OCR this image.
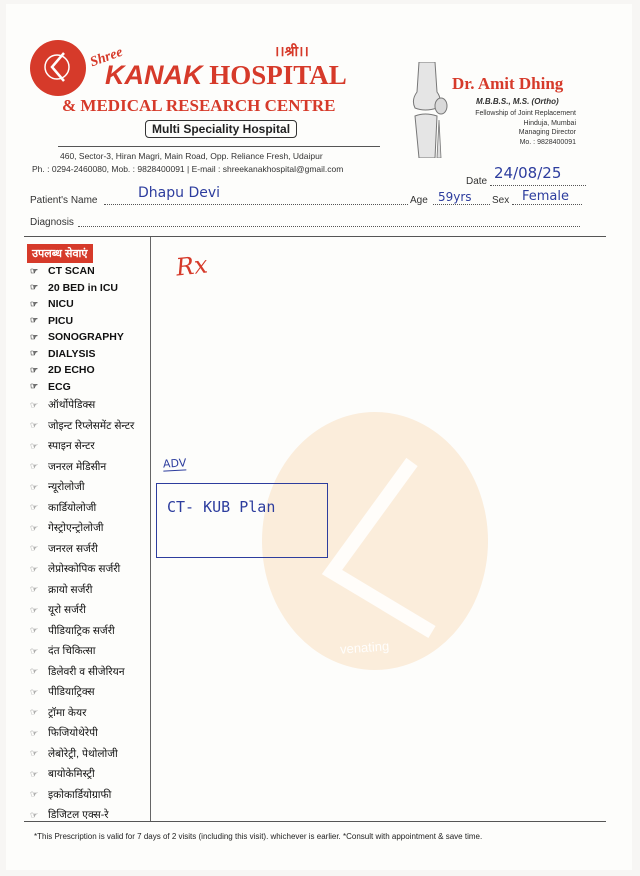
Shree	।।श्री।।
KANAK HOSPITAL
& MEDICAL RESEARCH CENTRE
Multi Speciality Hospital
460, Sector-3, Hiran Magri, Main Road, Opp. Reliance Fresh, Udaipur
Ph. : 0294-2460080, Mob. : 9828400091 | E-mail : shreekanakhospital@gmail.com
Dr. Amit Dhing
M.B.B.S., M.S. (Ortho)
Fellowship of Joint Replacement
Hinduja, Mumbai
Managing Director
Mo. : 9828400091
Date 24/08/25
Patient's Name	Dhapu Devi	Age 59yrs Sex Female
Diagnosis
उपलब्ध सेवाएं
☞ CT SCAN
☞ 20 BED in ICU
☞ NICU
☞ PICU
☞ SONOGRAPHY
☞ DIALYSIS
☞ 2D ECHO
☞ ECG
☞ ऑर्थोपेडिक्स
☞ जोइन्ट रिप्लेसमेंट सेन्टर
☞ स्पाइन सेन्टर
☞ जनरल मेडिसीन
☞ न्यूरोलोजी
☞ कार्डियोलोजी
☞ गेस्ट्रोएन्ट्रोलोजी
☞ जनरल सर्जरी
☞ लेप्रोस्कोपिक सर्जरी
☞ क्रायो सर्जरी
☞ यूरो सर्जरी
☞ पीडियाट्रिक सर्जरी
☞ दंत चिकित्सा
☞ डिलेवरी व सीजेरियन
☞ पीडियाट्रिक्स
☞ ट्रॉमा केयर
☞ फिजियोथेरेपी
☞ लेबोरेट्री, पेथोलोजी
☞ बायोकेमिस्ट्री
☞ इकोकार्डियोग्राफी
☞ डिजिटल एक्स-रे
venating
Rx
ADV
CT- KUB Plan
*This Prescription is valid for 7 days of 2 visits (including this visit). whichever is earlier. *Consult with appointment & save time.
